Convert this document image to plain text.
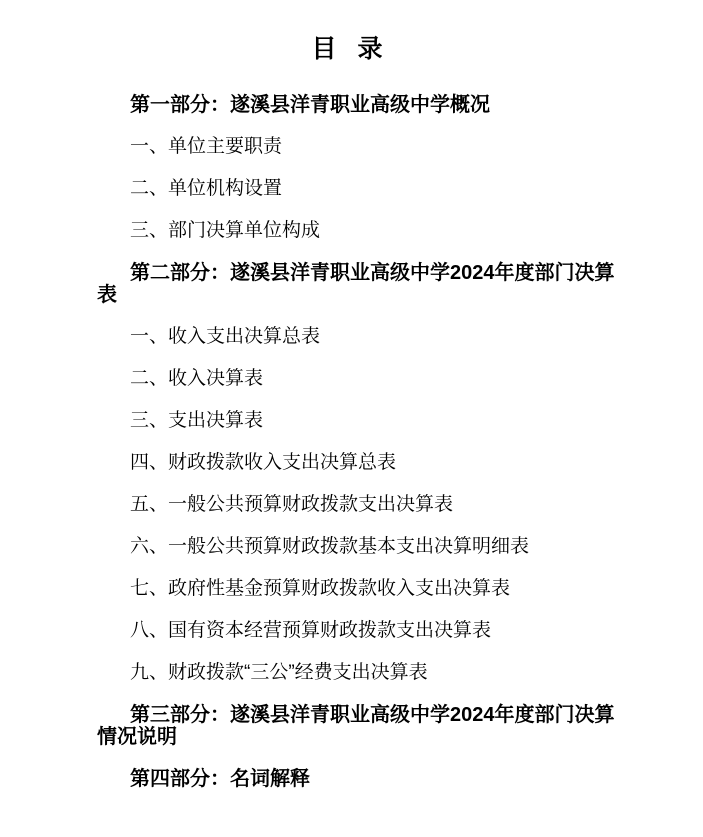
目 录
第一部分：遂溪县洋青职业高级中学概况
一、单位主要职责
二、单位机构设置
三、部门决算单位构成
第二部分：遂溪县洋青职业高级中学2024年度部门决算表
一、收入支出决算总表
二、收入决算表
三、支出决算表
四、财政拨款收入支出决算总表
五、一般公共预算财政拨款支出决算表
六、一般公共预算财政拨款基本支出决算明细表
七、政府性基金预算财政拨款收入支出决算表
八、国有资本经营预算财政拨款支出决算表
九、财政拨款“三公”经费支出决算表
第三部分：遂溪县洋青职业高级中学2024年度部门决算情况说明
第四部分：名词解释
